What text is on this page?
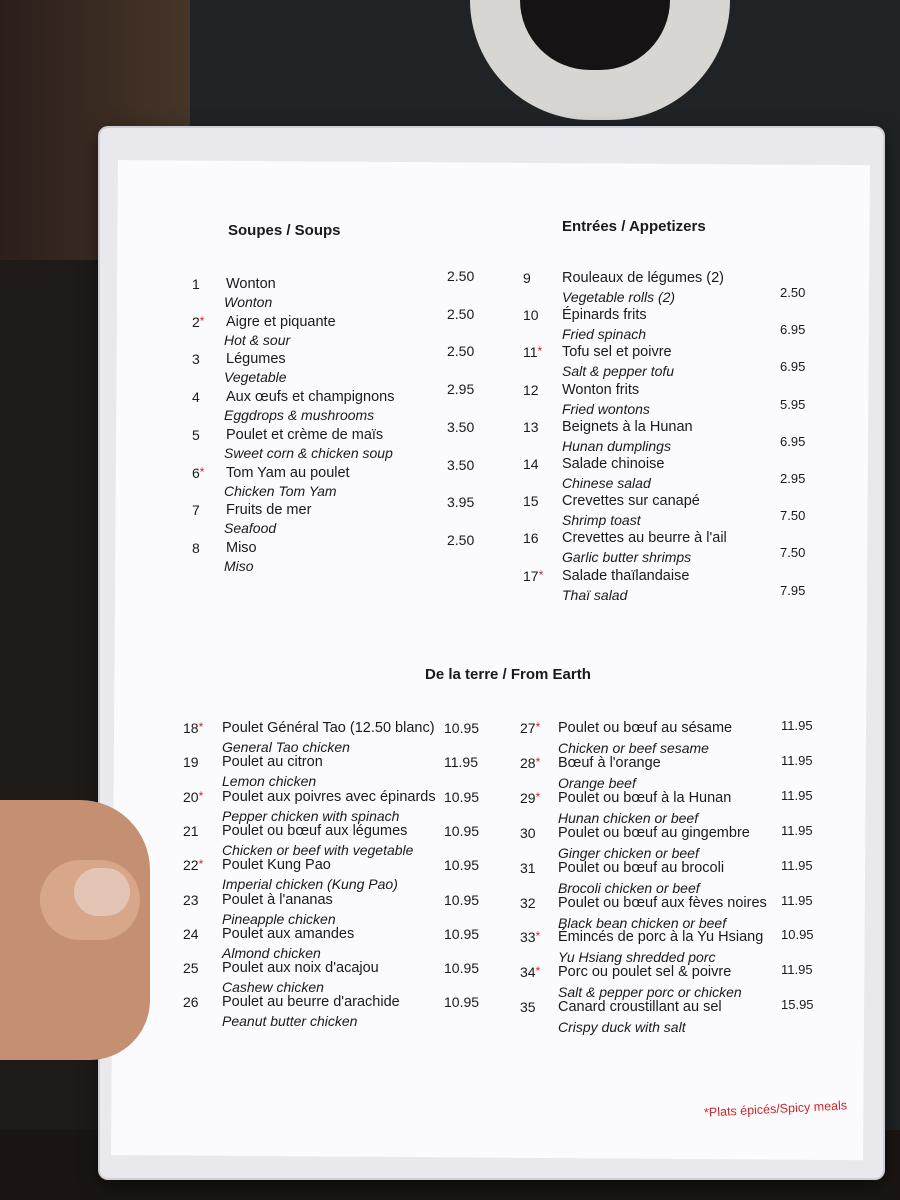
Soupes / Soups	Entrées / Appetizers
De la terre / From Earth
1 Wonton
Wonton
2.50
2* Aigre et piquante
Hot & sour
2.50
3 Légumes
Vegetable
2.50
4 Aux œufs et champignons
Eggdrops & mushrooms
2.95
5 Poulet et crème de maïs
Sweet corn & chicken soup
3.50
6* Tom Yam au poulet
Chicken Tom Yam
3.50
7 Fruits de mer
Seafood
3.95
8 Miso
Miso
2.50
9 Rouleaux de légumes (2)
Vegetable rolls (2)	2.50
10 Épinards frits
Fried spinach	6.95
11* Tofu sel et poivre
Salt & pepper tofu	6.95
12 Wonton frits
Fried wontons	5.95
13 Beignets à la Hunan
Hunan dumplings	6.95
14 Salade chinoise
Chinese salad	2.95
15 Crevettes sur canapé
Shrimp toast	7.50
16 Crevettes au beurre à l'ail
Garlic butter shrimps	7.50
17* Salade thaïlandaise
Thaï salad	7.95
18* Poulet Général Tao (12.50 blanc)
General Tao chicken
10.95
19 Poulet au citron
Lemon chicken
11.95
20* Poulet aux poivres avec épinards
Pepper chicken with spinach
10.95
21 Poulet ou bœuf aux légumes
Chicken or beef with vegetable
10.95
22* Poulet Kung Pao
Imperial chicken (Kung Pao)
10.95
23 Poulet à l'ananas
Pineapple chicken
10.95
24 Poulet aux amandes
Almond chicken
10.95
25 Poulet aux noix d'acajou
Cashew chicken
10.95
26 Poulet au beurre d'arachide
Peanut butter chicken
10.95
27* Poulet ou bœuf au sésame
Chicken or beef sesame
11.95
28* Bœuf à l'orange
Orange beef
11.95
29* Poulet ou bœuf à la Hunan
Hunan chicken or beef
11.95
30 Poulet ou bœuf au gingembre
Ginger chicken or beef
11.95
31 Poulet ou bœuf au brocoli
Brocoli chicken or beef
11.95
32 Poulet ou bœuf aux fèves noires
Black bean chicken or beef
11.95
33* Émincés de porc à la Yu Hsiang
Yu Hsiang shredded porc
10.95
34* Porc ou poulet sel & poivre
Salt & pepper porc or chicken
11.95
35 Canard croustillant au sel
Crispy duck with salt
15.95
*Plats épicés/Spicy meals
